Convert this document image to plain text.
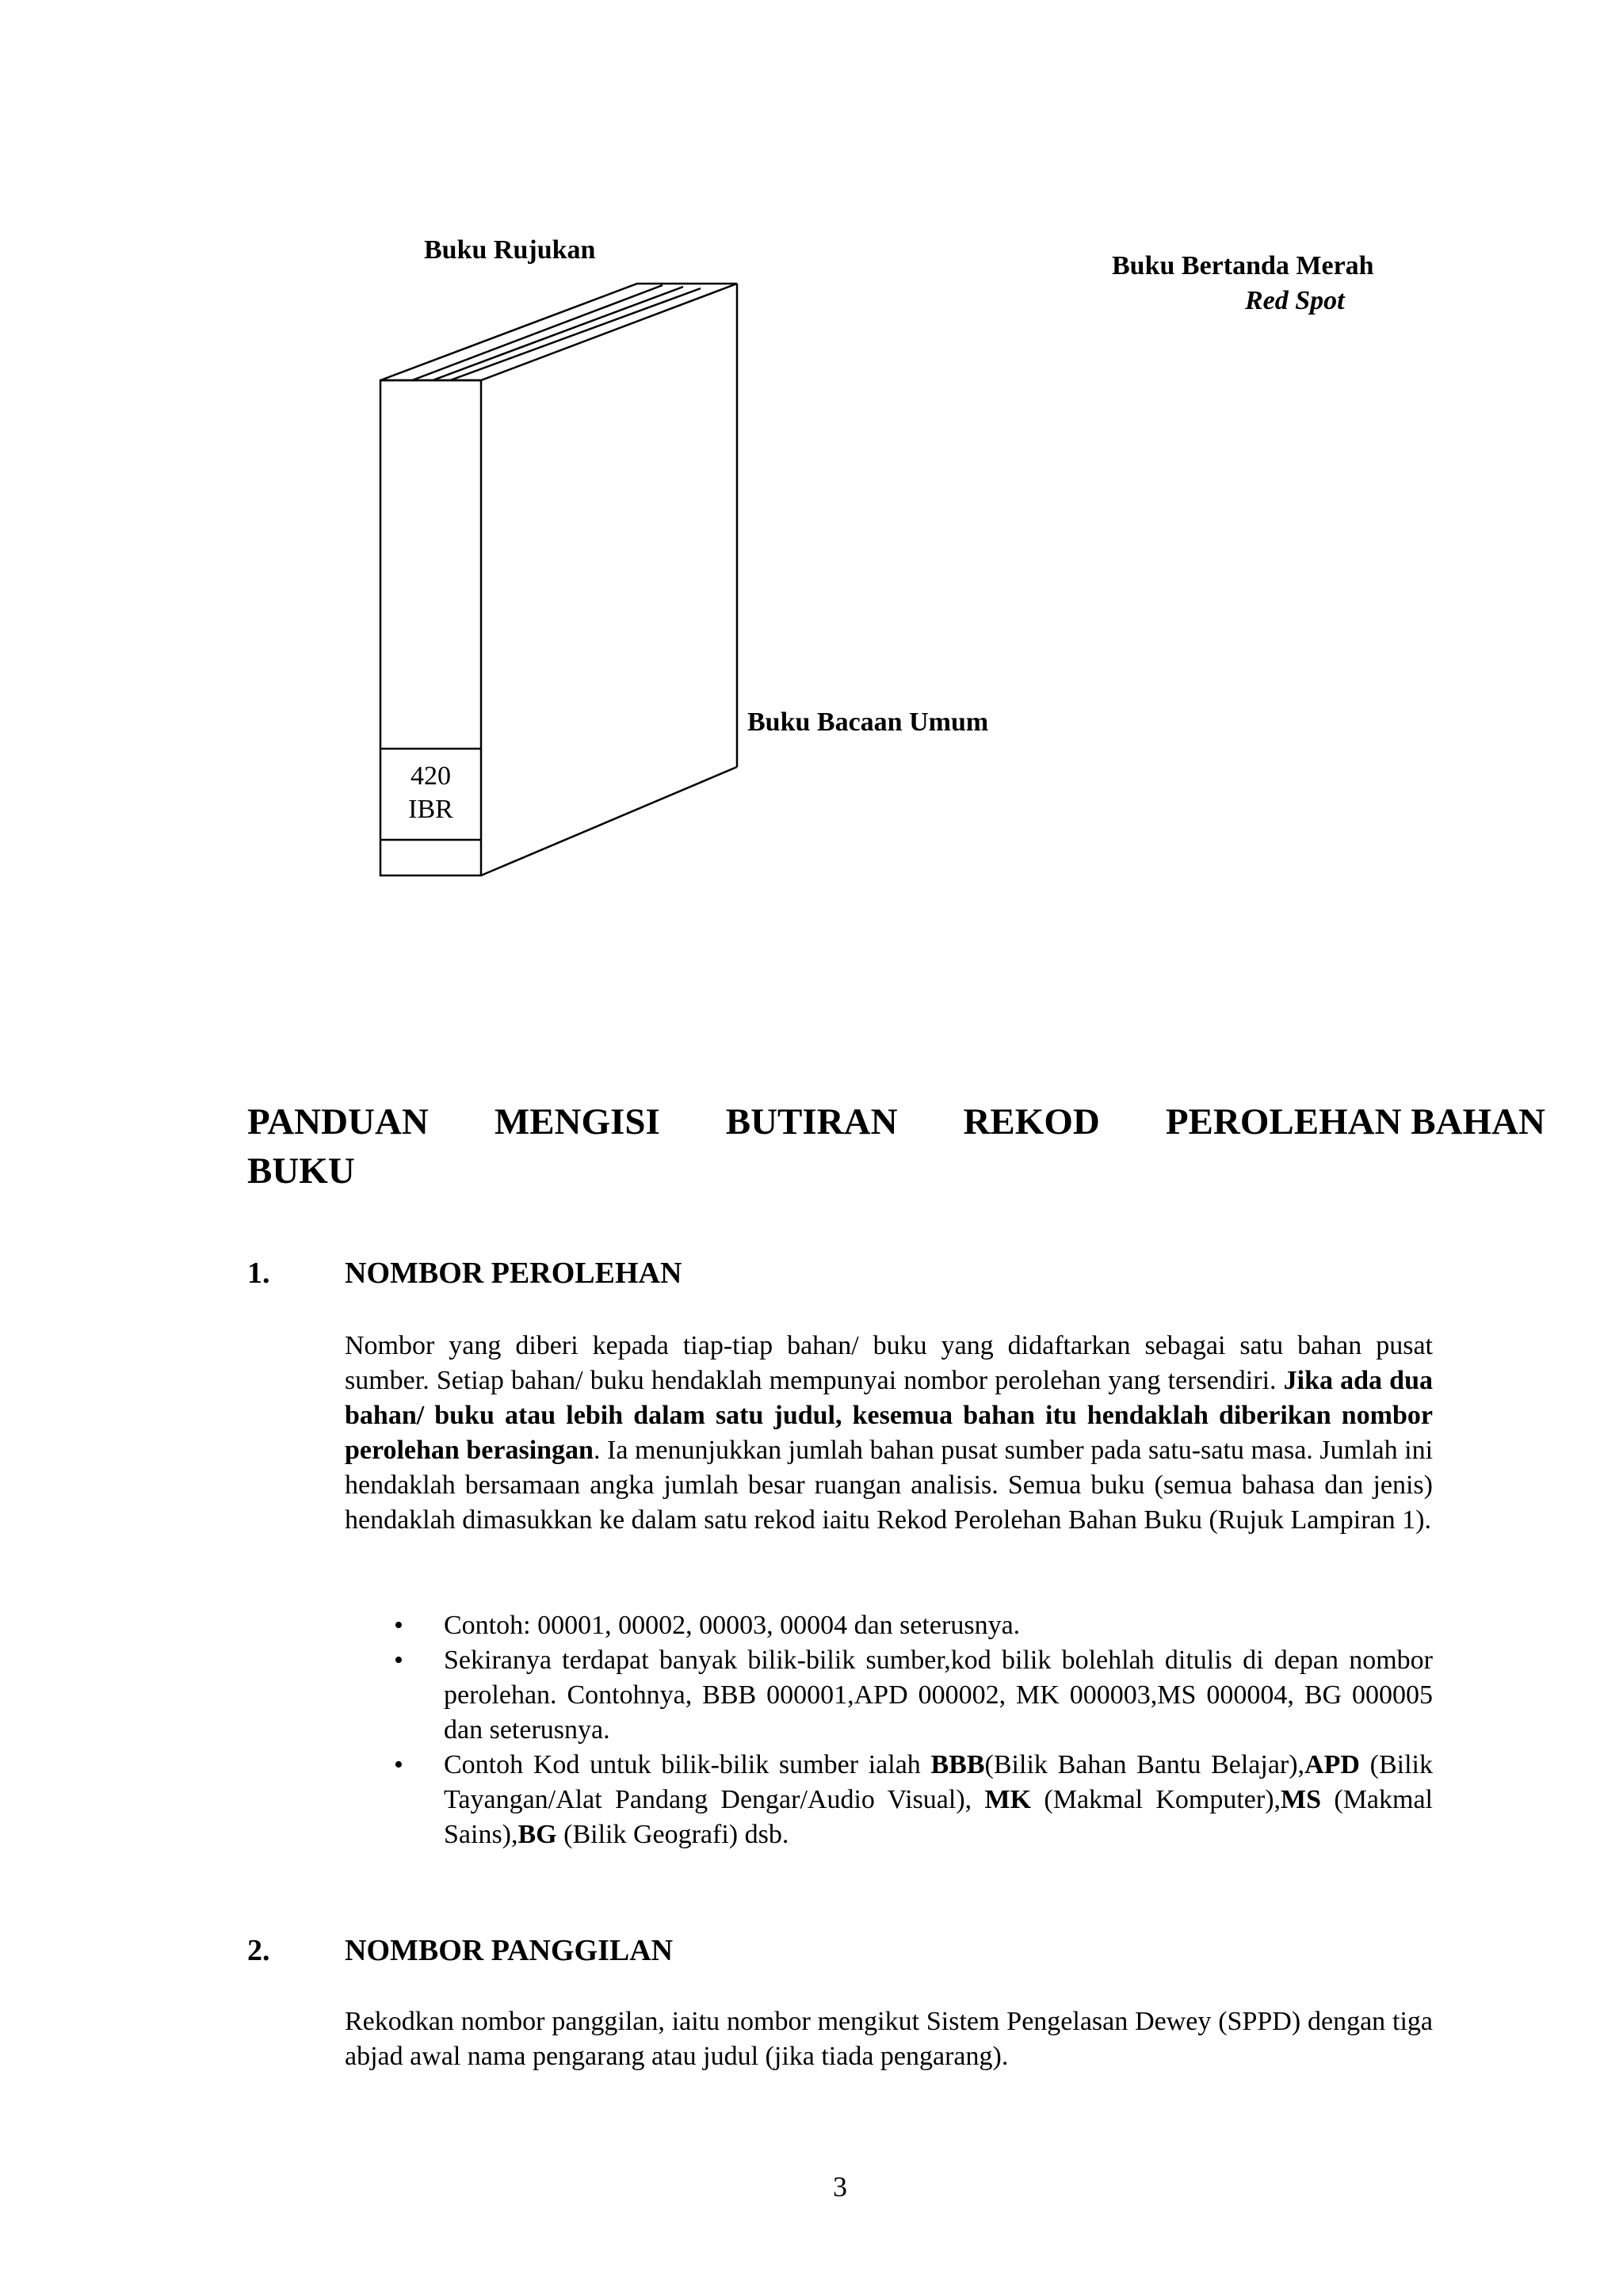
Buku Rujukan
Buku Bertanda Merah
Red Spot
Buku Bacaan Umum
420
IBR
PANDUAN MENGISI BUTIRAN REKOD PEROLEHAN BAHAN
BUKU
1. NOMBOR PEROLEHAN
Nombor yang diberi kepada tiap-tiap bahan/ buku yang didaftarkan sebagai satu bahan pusat sumber. Setiap bahan/ buku hendaklah mempunyai nombor perolehan yang tersendiri. Jika ada dua bahan/ buku atau lebih dalam satu judul, kesemua bahan itu hendaklah diberikan nombor perolehan berasingan. Ia menunjukkan jumlah bahan pusat sumber pada satu-satu masa. Jumlah ini hendaklah bersamaan angka jumlah besar ruangan analisis. Semua buku (semua bahasa dan jenis) hendaklah dimasukkan ke dalam satu rekod iaitu Rekod Perolehan Bahan Buku (Rujuk Lampiran 1).
• Contoh: 00001, 00002, 00003, 00004 dan seterusnya.
• Sekiranya terdapat banyak bilik-bilik sumber,kod bilik bolehlah ditulis di depan nombor perolehan. Contohnya, BBB 000001,APD 000002, MK 000003,MS 000004, BG 000005 dan seterusnya.
• Contoh Kod untuk bilik-bilik sumber ialah BBB(Bilik Bahan Bantu Belajar),APD (Bilik Tayangan/Alat Pandang Dengar/Audio Visual), MK (Makmal Komputer),MS (Makmal Sains),BG (Bilik Geografi) dsb.
2. NOMBOR PANGGILAN
Rekodkan nombor panggilan, iaitu nombor mengikut Sistem Pengelasan Dewey (SPPD) dengan tiga abjad awal nama pengarang atau judul (jika tiada pengarang).
3
